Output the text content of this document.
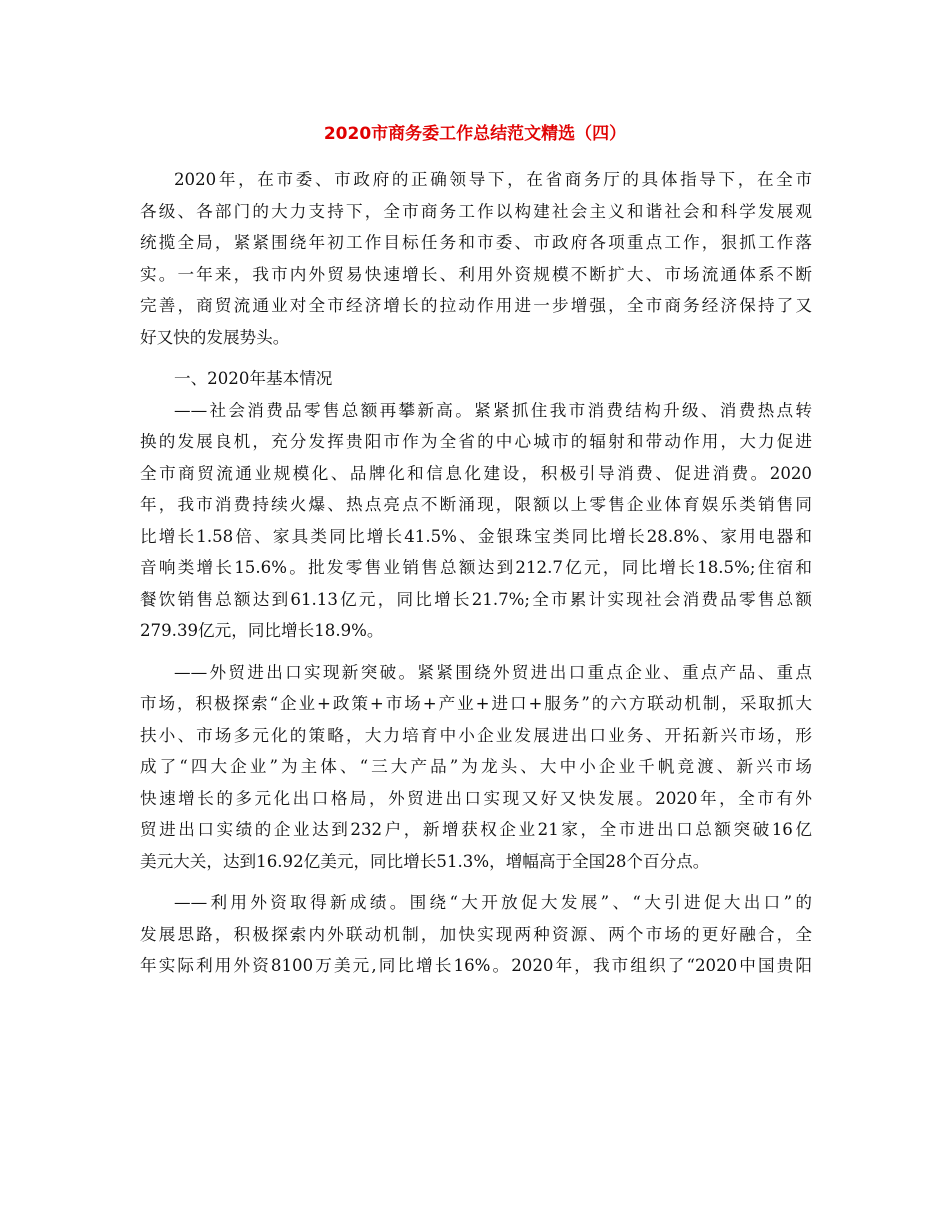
2020市商务委工作总结范文精选（四）

2020年，在市委、市政府的正确领导下，在省商务厅的具体指导下，在全市
各级、各部门的大力支持下，全市商务工作以构建社会主义和谐社会和科学发展观
统揽全局，紧紧围绕年初工作目标任务和市委、市政府各项重点工作，狠抓工作落
实。一年来，我市内外贸易快速增长、利用外资规模不断扩大、市场流通体系不断
完善，商贸流通业对全市经济增长的拉动作用进一步增强，全市商务经济保持了又
好又快的发展势头。

一、2020年基本情况

——社会消费品零售总额再攀新高。紧紧抓住我市消费结构升级、消费热点转
换的发展良机，充分发挥贵阳市作为全省的中心城市的辐射和带动作用，大力促进
全市商贸流通业规模化、品牌化和信息化建设，积极引导消费、促进消费。2020
年，我市消费持续火爆、热点亮点不断涌现，限额以上零售企业体育娱乐类销售同
比增长1.58倍、家具类同比增长41.5%、金银珠宝类同比增长28.8%、家用电器和
音响类增长15.6%。批发零售业销售总额达到212.7亿元，同比增长18.5%;住宿和
餐饮销售总额达到61.13亿元，同比增长21.7%;全市累计实现社会消费品零售总额
279.39亿元，同比增长18.9%。

——外贸进出口实现新突破。紧紧围绕外贸进出口重点企业、重点产品、重点
市场，积极探索“企业+政策+市场+产业+进口+服务”的六方联动机制，采取抓大
扶小、市场多元化的策略，大力培育中小企业发展进出口业务、开拓新兴市场，形
成了“四大企业”为主体、“三大产品”为龙头、大中小企业千帆竞渡、新兴市场
快速增长的多元化出口格局，外贸进出口实现又好又快发展。2020年，全市有外
贸进出口实绩的企业达到232户，新增获权企业21家，全市进出口总额突破16亿
美元大关，达到16.92亿美元，同比增长51.3%，增幅高于全国28个百分点。

——利用外资取得新成绩。围绕“大开放促大发展”、“大引进促大出口”的
发展思路，积极探索内外联动机制，加快实现两种资源、两个市场的更好融合，全
年实际利用外资8100万美元,同比增长16%。2020年，我市组织了“2020中国贵阳
